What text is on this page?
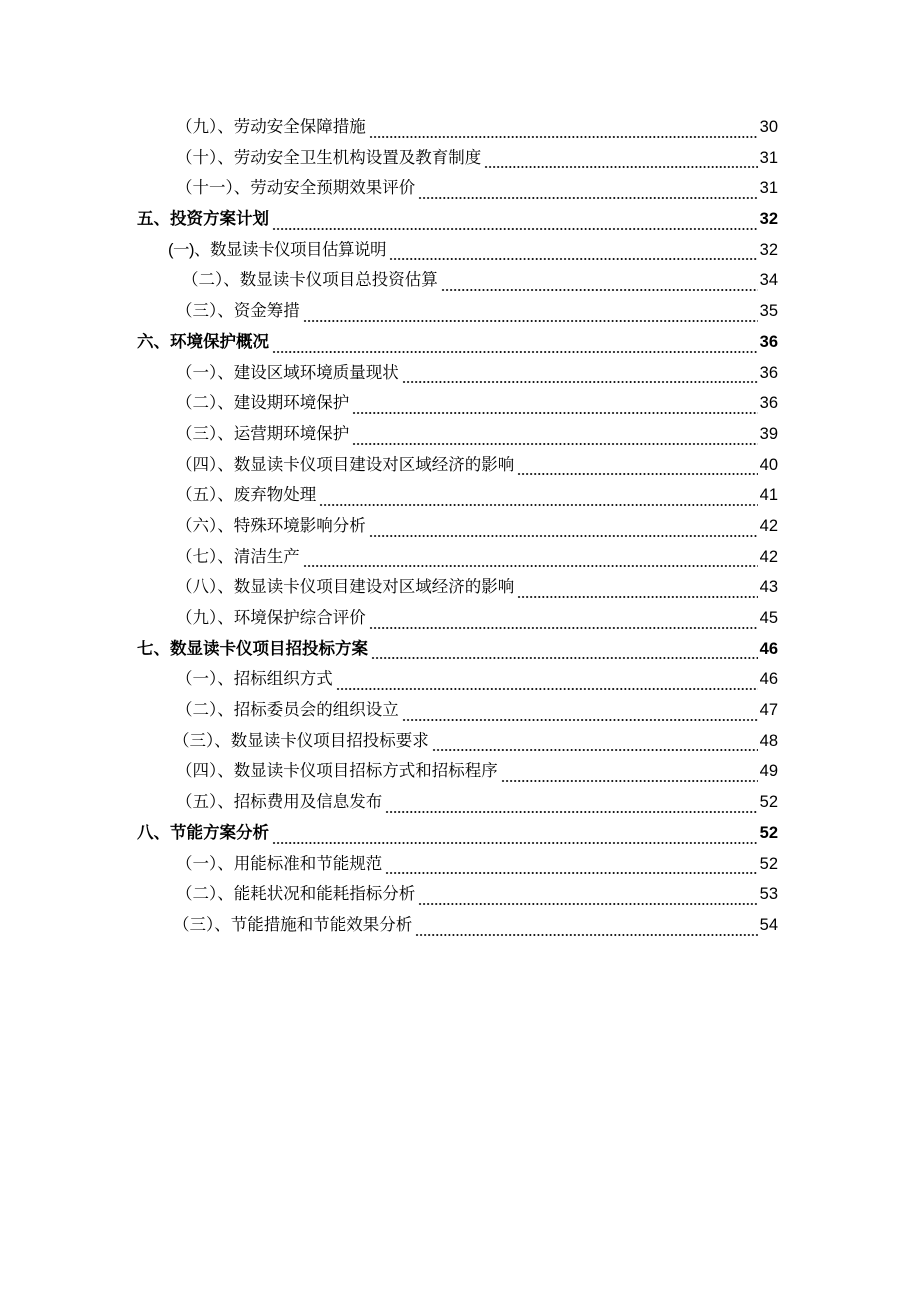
（九）、劳动安全保障措施	30
（十）、劳动安全卫生机构设置及教育制度	31
（十一）、劳动安全预期效果评价	31
五、投资方案计划	32
(一)、数显读卡仪项目估算说明	32
（二）、数显读卡仪项目总投资估算	34
（三）、资金筹措	35
六、环境保护概况	36
（一）、建设区域环境质量现状	36
（二）、建设期环境保护	36
（三）、运营期环境保护	39
（四）、数显读卡仪项目建设对区域经济的影响	40
（五）、废弃物处理	41
（六）、特殊环境影响分析	42
（七）、清洁生产	42
（八）、数显读卡仪项目建设对区域经济的影响	43
（九）、环境保护综合评价	45
七、数显读卡仪项目招投标方案	46
（一）、招标组织方式	46
（二）、招标委员会的组织设立	47
（三）、数显读卡仪项目招投标要求	48
（四）、数显读卡仪项目招标方式和招标程序	49
（五）、招标费用及信息发布	52
八、节能方案分析	52
（一）、用能标准和节能规范	52
（二）、能耗状况和能耗指标分析	53
（三）、节能措施和节能效果分析	54
